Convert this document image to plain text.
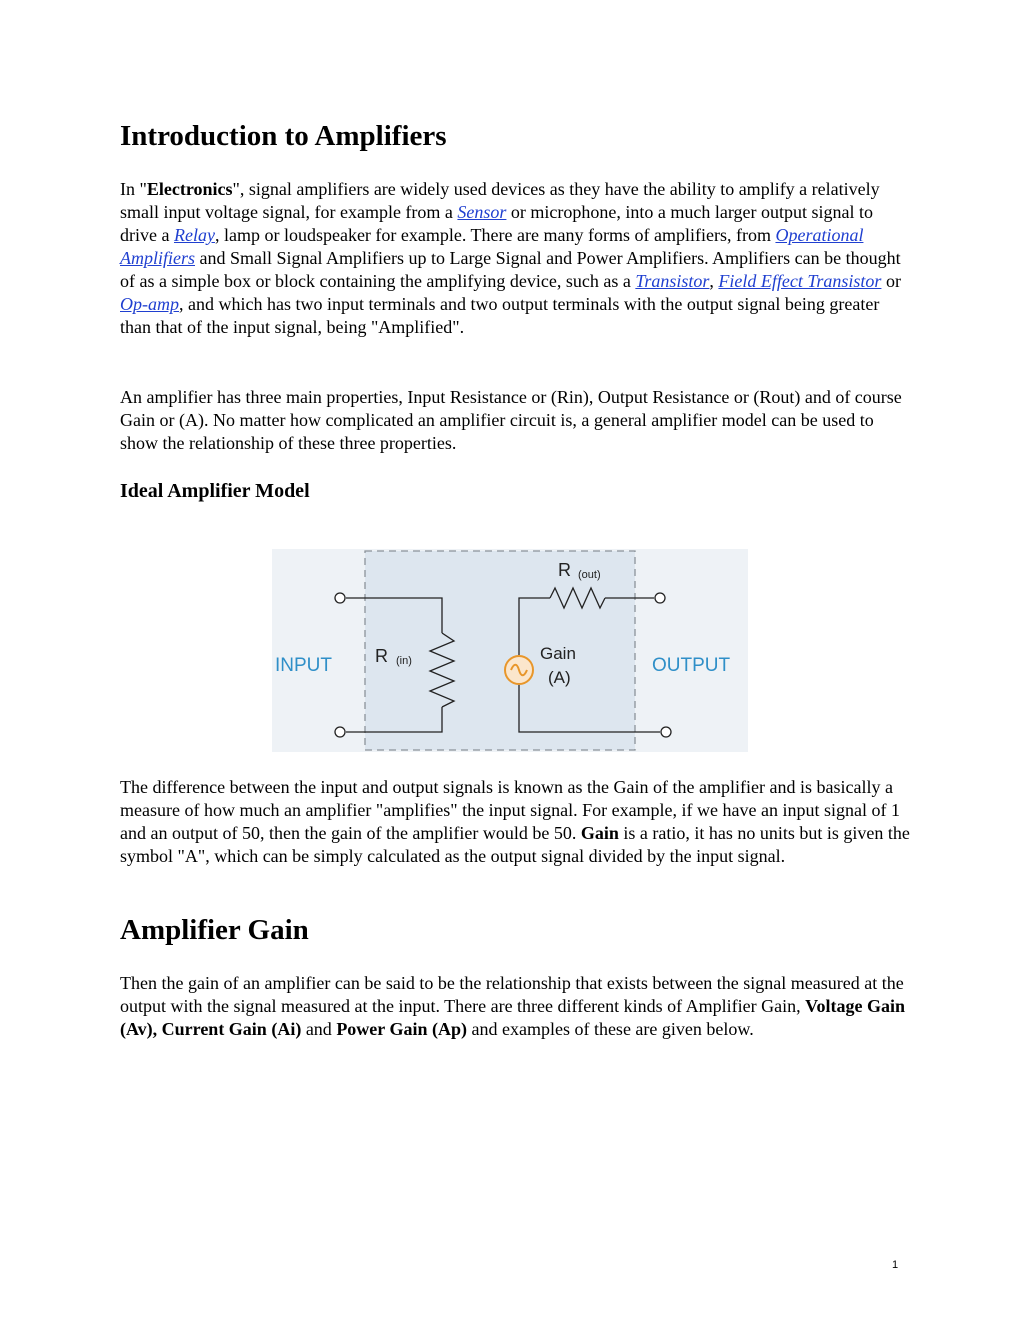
Introduction to Amplifiers

In "Electronics", signal amplifiers are widely used devices as they have the ability to amplify a relatively small input voltage signal, for example from a Sensor or microphone, into a much larger output signal to drive a Relay, lamp or loudspeaker for example. There are many forms of amplifiers, from Operational Amplifiers and Small Signal Amplifiers up to Large Signal and Power Amplifiers. Amplifiers can be thought of as a simple box or block containing the amplifying device, such as a Transistor, Field Effect Transistor or Op-amp, and which has two input terminals and two output terminals with the output signal being greater than that of the input signal, being "Amplified".

An amplifier has three main properties, Input Resistance or (Rin), Output Resistance or (Rout) and of course Gain or (A). No matter how complicated an amplifier circuit is, a general amplifier model can be used to show the relationship of these three properties.

Ideal Amplifier Model

The difference between the input and output signals is known as the Gain of the amplifier and is basically a measure of how much an amplifier "amplifies" the input signal. For example, if we have an input signal of 1 and an output of 50, then the gain of the amplifier would be 50. Gain is a ratio, it has no units but is given the symbol "A", which can be simply calculated as the output signal divided by the input signal.

Amplifier Gain

Then the gain of an amplifier can be said to be the relationship that exists between the signal measured at the output with the signal measured at the input. There are three different kinds of Amplifier Gain, Voltage Gain (Av), Current Gain (Ai) and Power Gain (Ap) and examples of these are given below.

INPUT	OUTPUT
R (in)
R (out)
Gain
(A)
1
